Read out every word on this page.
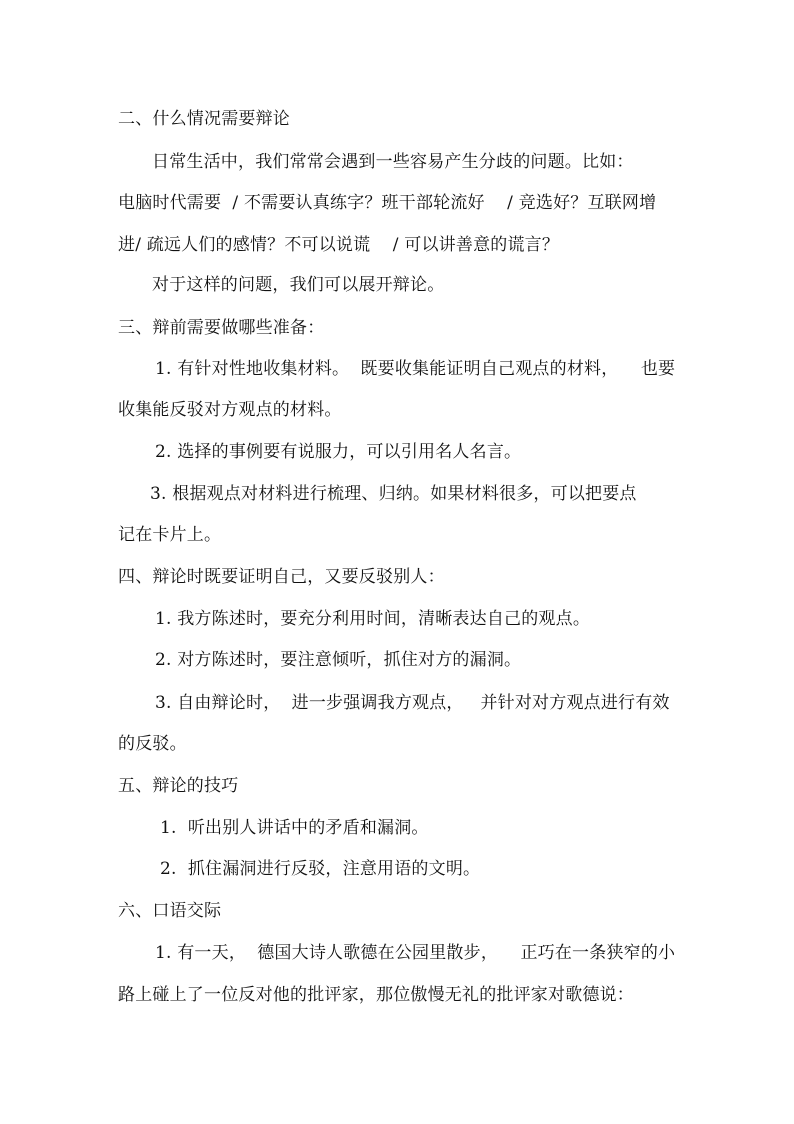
二、什么情况需要辩论
日常生活中，我们常常会遇到一些容易产生分歧的问题。比如：
电脑时代需要  / 不需要认真练字？班干部轮流好    / 竞选好？互联网增
进/ 疏远人们的感情？不可以说谎    / 可以讲善意的谎言？
对于这样的问题，我们可以展开辩论。
三、辩前需要做哪些准备：
1. 有针对性地收集材料。  既要收集能证明自己观点的材料，    也要
收集能反驳对方观点的材料。
2. 选择的事例要有说服力，可以引用名人名言。
3. 根据观点对材料进行梳理、归纳。如果材料很多，可以把要点
记在卡片上。
四、辩论时既要证明自己，又要反驳别人：
1. 我方陈述时，要充分利用时间，清晰表达自己的观点。
2. 对方陈述时，要注意倾听，抓住对方的漏洞。
3. 自由辩论时，  进一步强调我方观点，   并针对对方观点进行有效
的反驳。
五、辩论的技巧
1.  听出别人讲话中的矛盾和漏洞。
2.  抓住漏洞进行反驳，注意用语的文明。
六、口语交际
1. 有一天，  德国大诗人歌德在公园里散步，    正巧在一条狭窄的小
路上碰上了一位反对他的批评家，那位傲慢无礼的批评家对歌德说：
